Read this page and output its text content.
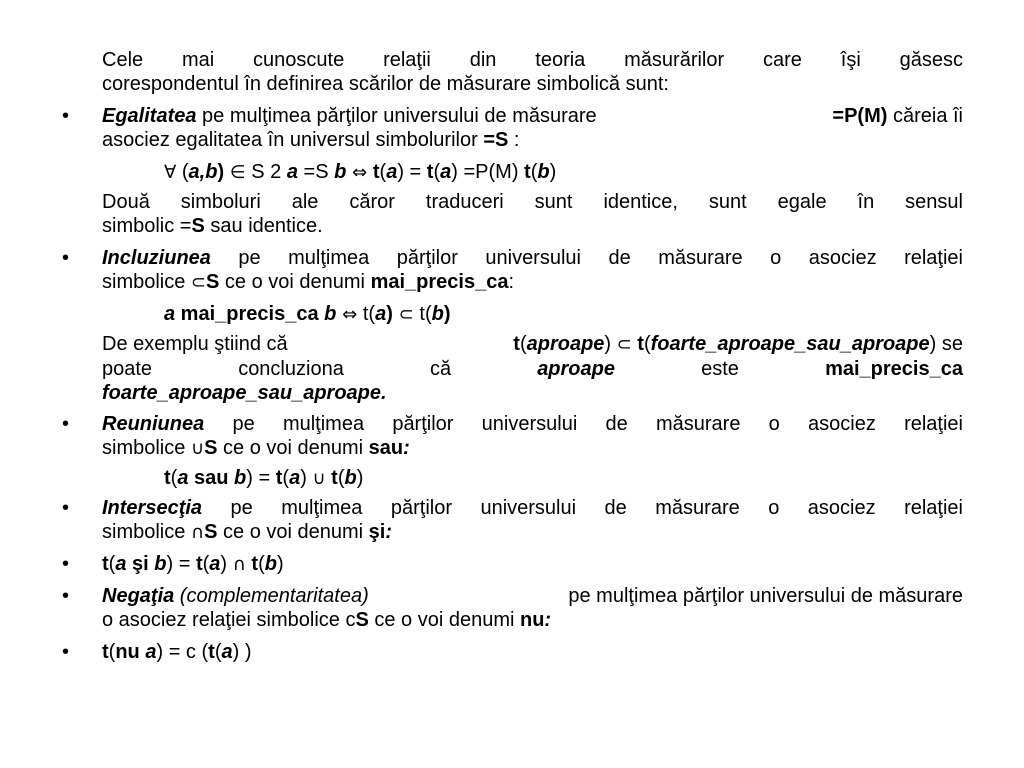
Cele mai cunoscute relaţii din teoria măsurărilor care îşi găsesc
corespondentul în definirea scărilor de măsurare simbolică sunt:
•	Egalitatea pe mulţimea părţilor universului de măsurare	=P(M) căreia îi
asociez egalitatea în universul simbolurilor =S :
∀ (a,b) ∈ S 2 a =S b ⇔ t(a) = t(a) =P(M) t(b)
Două simboluri ale căror traduceri sunt identice, sunt egale în sensul
simbolic =S sau identice.
•	Incluziunea pe mulţimea părţilor universului de măsurare o asociez relaţiei
simbolice ⊂S ce o voi denumi mai_precis_ca:
a mai_precis_ca b ⇔ t(a) ⊂ t(b)
De exemplu ştiind că	t(aproape) ⊂ t(foarte_aproape_sau_aproape) se
poate	concluziona	că	aproape	este	mai_precis_ca
foarte_aproape_sau_aproape.
•	Reuniunea pe mulţimea părţilor universului de măsurare o asociez relaţiei
simbolice ∪S ce o voi denumi sau:
t(a sau b) = t(a) ∪ t(b)
•	Intersecţia pe mulţimea părţilor universului de măsurare o asociez relaţiei
simbolice ∩S ce o voi denumi şi:
•	t(a şi b) = t(a) ∩ t(b)
•	Negaţia (complementaritatea)	pe mulţimea părţilor universului de măsurare
o asociez relaţiei simbolice cS ce o voi denumi nu:
•	t(nu a) = c (t(a) )
